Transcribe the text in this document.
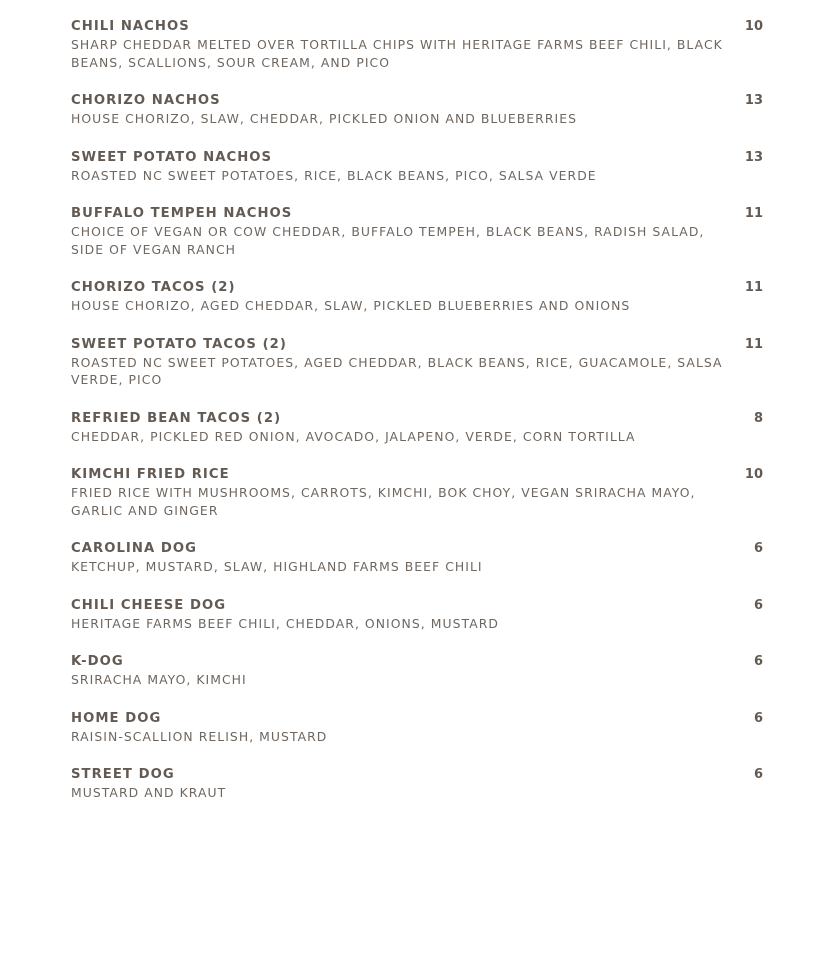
CHILI NACHOS	10
SHARP CHEDDAR MELTED OVER TORTILLA CHIPS WITH HERITAGE FARMS BEEF CHILI, BLACK BEANS, SCALLIONS, SOUR CREAM, AND PICO
CHORIZO NACHOS	13
HOUSE CHORIZO, SLAW, CHEDDAR, PICKLED ONION AND BLUEBERRIES
SWEET POTATO NACHOS	13
ROASTED NC SWEET POTATOES, RICE, BLACK BEANS, PICO, SALSA VERDE
BUFFALO TEMPEH NACHOS	11
CHOICE OF VEGAN OR COW CHEDDAR, BUFFALO TEMPEH, BLACK BEANS, RADISH SALAD, SIDE OF VEGAN RANCH
CHORIZO TACOS (2)	11
HOUSE CHORIZO, AGED CHEDDAR, SLAW, PICKLED BLUEBERRIES AND ONIONS
SWEET POTATO TACOS (2)	11
ROASTED NC SWEET POTATOES, AGED CHEDDAR, BLACK BEANS, RICE, GUACAMOLE, SALSA VERDE, PICO
REFRIED BEAN TACOS (2)	8
CHEDDAR, PICKLED RED ONION, AVOCADO, JALAPENO, VERDE, CORN TORTILLA
KIMCHI FRIED RICE	10
FRIED RICE WITH MUSHROOMS, CARROTS, KIMCHI, BOK CHOY, VEGAN SRIRACHA MAYO, GARLIC AND GINGER
CAROLINA DOG	6
KETCHUP, MUSTARD, SLAW, HIGHLAND FARMS BEEF CHILI
CHILI CHEESE DOG	6
HERITAGE FARMS BEEF CHILI, CHEDDAR, ONIONS, MUSTARD
K-DOG	6
SRIRACHA MAYO, KIMCHI
HOME DOG	6
RAISIN-SCALLION RELISH, MUSTARD
STREET DOG	6
MUSTARD AND KRAUT
